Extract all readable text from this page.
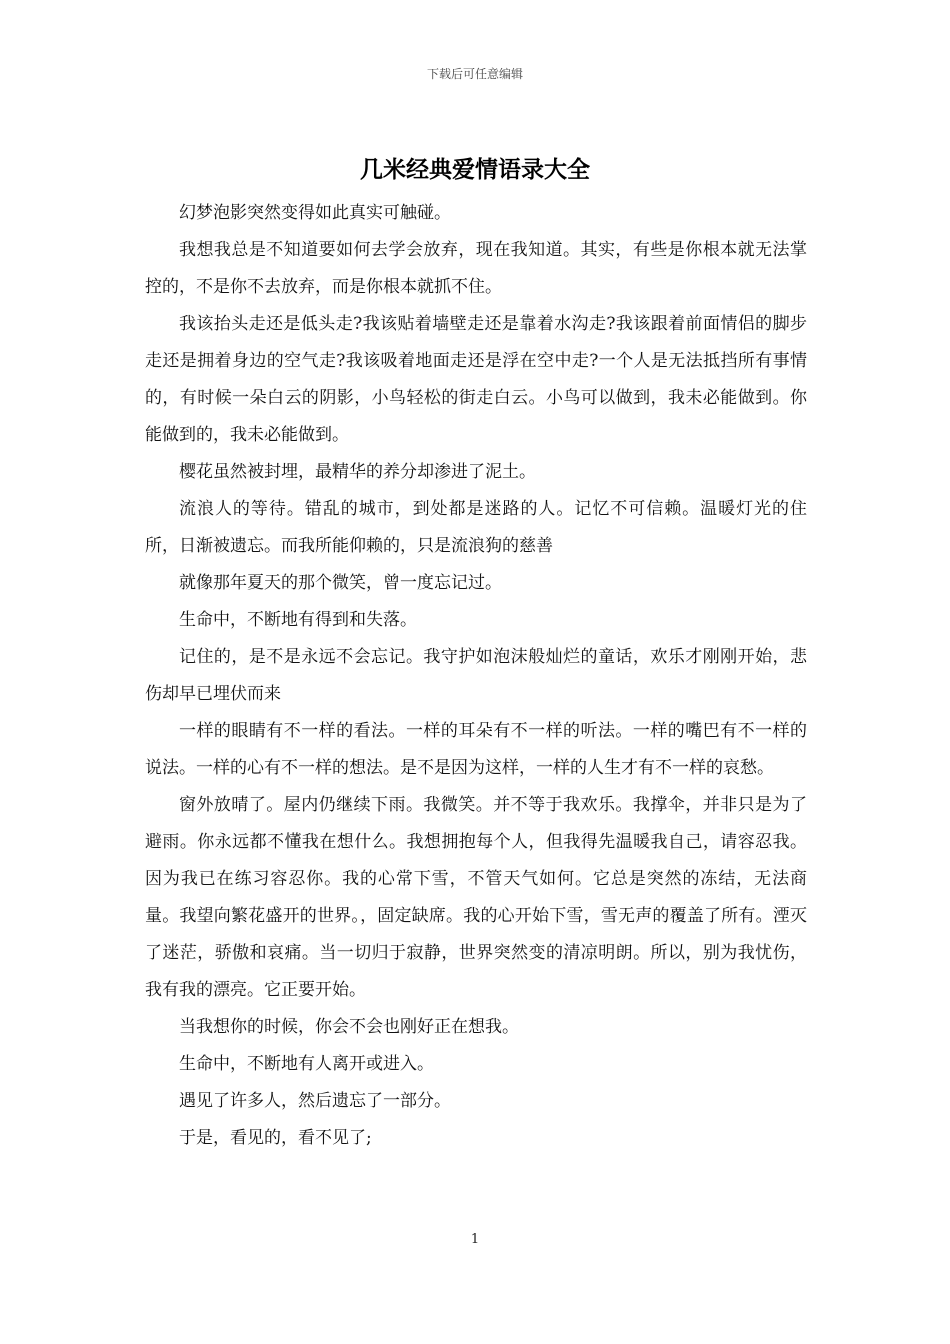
下载后可任意编辑
几米经典爱情语录大全

幻梦泡影突然变得如此真实可触碰。

我想我总是不知道要如何去学会放弃，现在我知道。其实，有些是你根本就无法掌控的，不是你不去放弃，而是你根本就抓不住。

我该抬头走还是低头走?我该贴着墙壁走还是靠着水沟走?我该跟着前面情侣的脚步走还是拥着身边的空气走?我该吸着地面走还是浮在空中走?一个人是无法抵挡所有事情的，有时候一朵白云的阴影，小鸟轻松的街走白云。小鸟可以做到，我未必能做到。你能做到的，我未必能做到。

樱花虽然被封埋，最精华的养分却渗进了泥土。

流浪人的等待。错乱的城市，到处都是迷路的人。记忆不可信赖。温暖灯光的住所，日渐被遗忘。而我所能仰赖的，只是流浪狗的慈善

就像那年夏天的那个微笑，曾一度忘记过。

生命中，不断地有得到和失落。

记住的，是不是永远不会忘记。我守护如泡沫般灿烂的童话，欢乐才刚刚开始，悲伤却早已埋伏而来

一样的眼睛有不一样的看法。一样的耳朵有不一样的听法。一样的嘴巴有不一样的说法。一样的心有不一样的想法。是不是因为这样，一样的人生才有不一样的哀愁。

窗外放晴了。屋内仍继续下雨。我微笑。并不等于我欢乐。我撑伞，并非只是为了避雨。你永远都不懂我在想什么。我想拥抱每个人，但我得先温暖我自己，请容忍我。因为我已在练习容忍你。我的心常下雪，不管天气如何。它总是突然的冻结，无法商量。我望向繁花盛开的世界。，固定缺席。我的心开始下雪，雪无声的覆盖了所有。湮灭了迷茫，骄傲和哀痛。当一切归于寂静，世界突然变的清凉明朗。所以，别为我忧伤，我有我的漂亮。它正要开始。

当我想你的时候，你会不会也刚好正在想我。

生命中，不断地有人离开或进入。

遇见了许多人，然后遗忘了一部分。

于是，看见的，看不见了;

1
